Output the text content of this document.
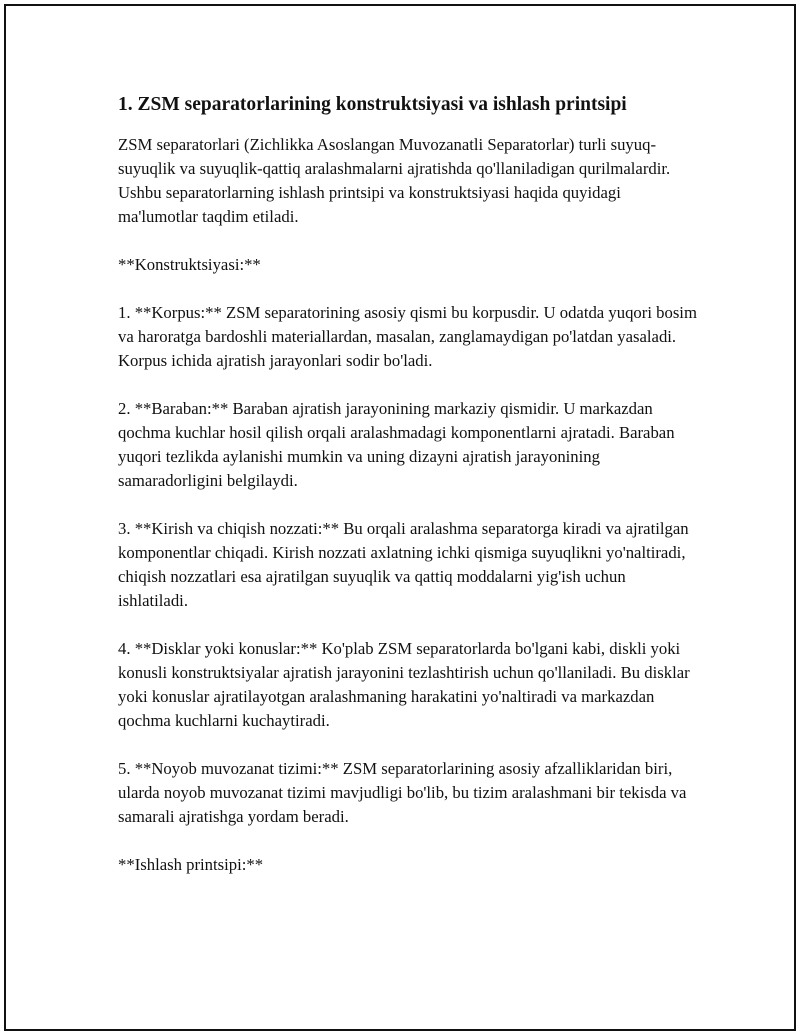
1. ZSM separatorlarining konstruktsiyasi va ishlash printsipi

ZSM separatorlari (Zichlikka Asoslangan Muvozanatli Separatorlar) turli suyuq-suyuqlik va suyuqlik-qattiq aralashmalarni ajratishda qo'llaniladigan qurilmalardir. Ushbu separatorlarning ishlash printsipi va konstruktsiyasi haqida quyidagi ma'lumotlar taqdim etiladi.

**Konstruktsiyasi:**

1. **Korpus:** ZSM separatorining asosiy qismi bu korpusdir. U odatda yuqori bosim va haroratga bardoshli materiallardan, masalan, zanglamaydigan po'latdan yasaladi. Korpus ichida ajratish jarayonlari sodir bo'ladi.

2. **Baraban:** Baraban ajratish jarayonining markaziy qismidir. U markazdan qochma kuchlar hosil qilish orqali aralashmadagi komponentlarni ajratadi. Baraban yuqori tezlikda aylanishi mumkin va uning dizayni ajratish jarayonining samaradorligini belgilaydi.

3. **Kirish va chiqish nozzati:** Bu orqali aralashma separatorga kiradi va ajratilgan komponentlar chiqadi. Kirish nozzati axlatning ichki qismiga suyuqlikni yo'naltiradi, chiqish nozzatlari esa ajratilgan suyuqlik va qattiq moddalarni yig'ish uchun ishlatiladi.

4. **Disklar yoki konuslar:** Ko'plab ZSM separatorlarda bo'lgani kabi, diskli yoki konusli konstruktsiyalar ajratish jarayonini tezlashtirish uchun qo'llaniladi. Bu disklar yoki konuslar ajratilayotgan aralashmaning harakatini yo'naltiradi va markazdan qochma kuchlarni kuchaytiradi.

5. **Noyob muvozanat tizimi:** ZSM separatorlarining asosiy afzalliklaridan biri, ularda noyob muvozanat tizimi mavjudligi bo'lib, bu tizim aralashmani bir tekisda va samarali ajratishga yordam beradi.

**Ishlash printsipi:**
